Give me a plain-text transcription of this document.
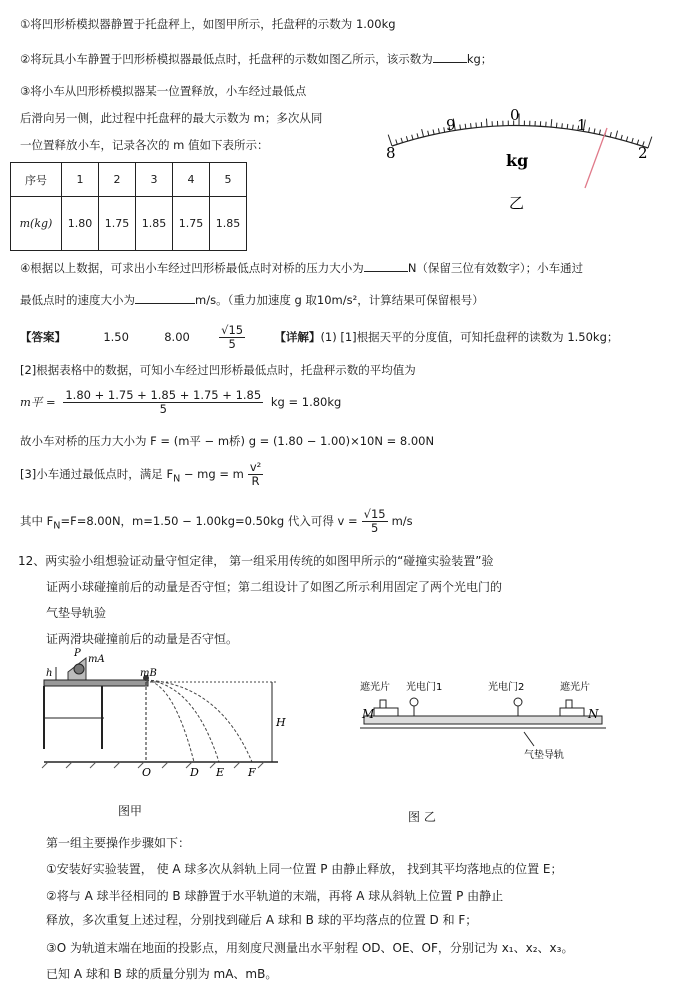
①将凹形桥模拟器静置于托盘秤上，如图甲所示，托盘秤的示数为 1.00kg
②将玩具小车静置于凹形桥模拟器最低点时，托盘秤的示数如图乙所示，该示数为	kg；
③将小车从凹形桥模拟器某一位置释放，小车经过最低点
后滑向另一侧，此过程中托盘秤的最大示数为 m；多次从同
一位置释放小车，记录各次的 m 值如下表所示：
序号	1	2	3	4	5
m(kg)	1.80	1.75	1.85	1.75	1.85
8
9
0
1
2
kg
乙
④根据以上数据，可求出小车经过凹形桥最低点时对桥的压力大小为	N（保留三位有效数字）；小车通过
最低点时的速度大小为	m/s。（重力加速度 g 取10m/s²，计算结果可保留根号）
【答案】	1.50	8.00	$\frac{√15}{5}$	【详解】(1) [1]根据天平的分度值，可知托盘秤的读数为 1.50kg；
[2]根据表格中的数据，可知小车经过凹形桥最低点时，托盘秤示数的平均值为
m平 = $\frac{1.80 + 1.75 + 1.85 + 1.75 + 1.85}{5}$ kg = 1.80kg
故小车对桥的压力大小为 F = (m平 − m桥) g = (1.80 − 1.00)×10N = 8.00N
[3]小车通过最低点时，满足 $F_N$ − mg = m $\frac{\text{v²}}{R}$
其中 $F_N=F=8.00N$，m=1.50 − 1.00kg=0.50kg 代入可得 $v = \frac{√15}{5} m/s$
12、两实验小组想验证动量守恒定律， 第一组采用传统的如图甲所示的“碰撞实验装置”验
证两小球碰撞前后的动量是否守恒；第二组设计了如图乙所示利用固定了两个光电门的
气垫导轨验
证两滑块碰撞前后的动量是否守恒。
P
mA
h	mB
H
O	D E F
图甲
遮光片 光电门1	光电门2	遮光片
M	N
气垫导轨
图 乙
第一组主要操作步骤如下：
①安装好实验装置， 使 A 球多次从斜轨上同一位置 P 由静止释放， 找到其平均落地点的位置 E；
②将与 A 球半径相同的 B 球静置于水平轨道的末端，再将 A 球从斜轨上位置 P 由静止
释放，多次重复上述过程，分别找到碰后 A 球和 B 球的平均落点的位置 D 和 F；
③O 为轨道末端在地面的投影点，用刻度尺测量出水平射程 OD、OE、OF，分别记为 x₁、x₂、x₃。
已知 A 球和 B 球的质量分别为 mA、mB。
